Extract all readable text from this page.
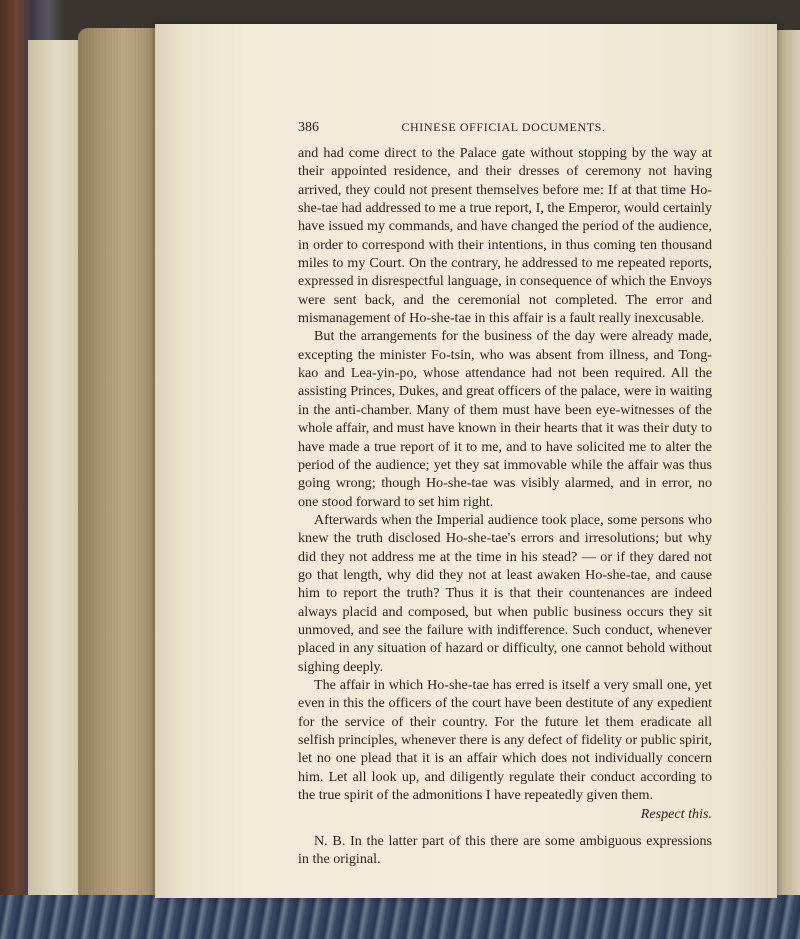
386	CHINESE OFFICIAL DOCUMENTS.

and had come direct to the Palace gate without stopping by the way at their appointed residence, and their dresses of ceremony not having arrived, they could not present themselves before me: If at that time Ho-she-tae had addressed to me a true report, I, the Emperor, would certainly have issued my commands, and have changed the period of the audience, in order to correspond with their intentions, in thus coming ten thousand miles to my Court. On the contrary, he addressed to me repeated reports, expressed in disrespectful language, in consequence of which the Envoys were sent back, and the ceremonial not completed. The error and mismanagement of Ho-she-tae in this affair is a fault really inexcusable.

But the arrangements for the business of the day were already made, excepting the minister Fo-tsin, who was absent from illness, and Tong-kao and Lea-yin-po, whose attendance had not been required. All the assisting Princes, Dukes, and great officers of the palace, were in waiting in the anti-chamber. Many of them must have been eye-witnesses of the whole affair, and must have known in their hearts that it was their duty to have made a true report of it to me, and to have solicited me to alter the period of the audience; yet they sat immovable while the affair was thus going wrong; though Ho-she-tae was visibly alarmed, and in error, no one stood forward to set him right.

Afterwards when the Imperial audience took place, some persons who knew the truth disclosed Ho-she-tae's errors and irresolutions; but why did they not address me at the time in his stead? — or if they dared not go that length, why did they not at least awaken Ho-she-tae, and cause him to report the truth? Thus it is that their countenances are indeed always placid and composed, but when public business occurs they sit unmoved, and see the failure with indifference. Such conduct, whenever placed in any situation of hazard or difficulty, one cannot behold without sighing deeply.

The affair in which Ho-she-tae has erred is itself a very small one, yet even in this the officers of the court have been destitute of any expedient for the service of their country. For the future let them eradicate all selfish principles, whenever there is any defect of fidelity or public spirit, let no one plead that it is an affair which does not individually concern him. Let all look up, and diligently regulate their conduct according to the true spirit of the admonitions I have repeatedly given them.

Respect this.

N. B. In the latter part of this there are some ambiguous expressions in the original.
